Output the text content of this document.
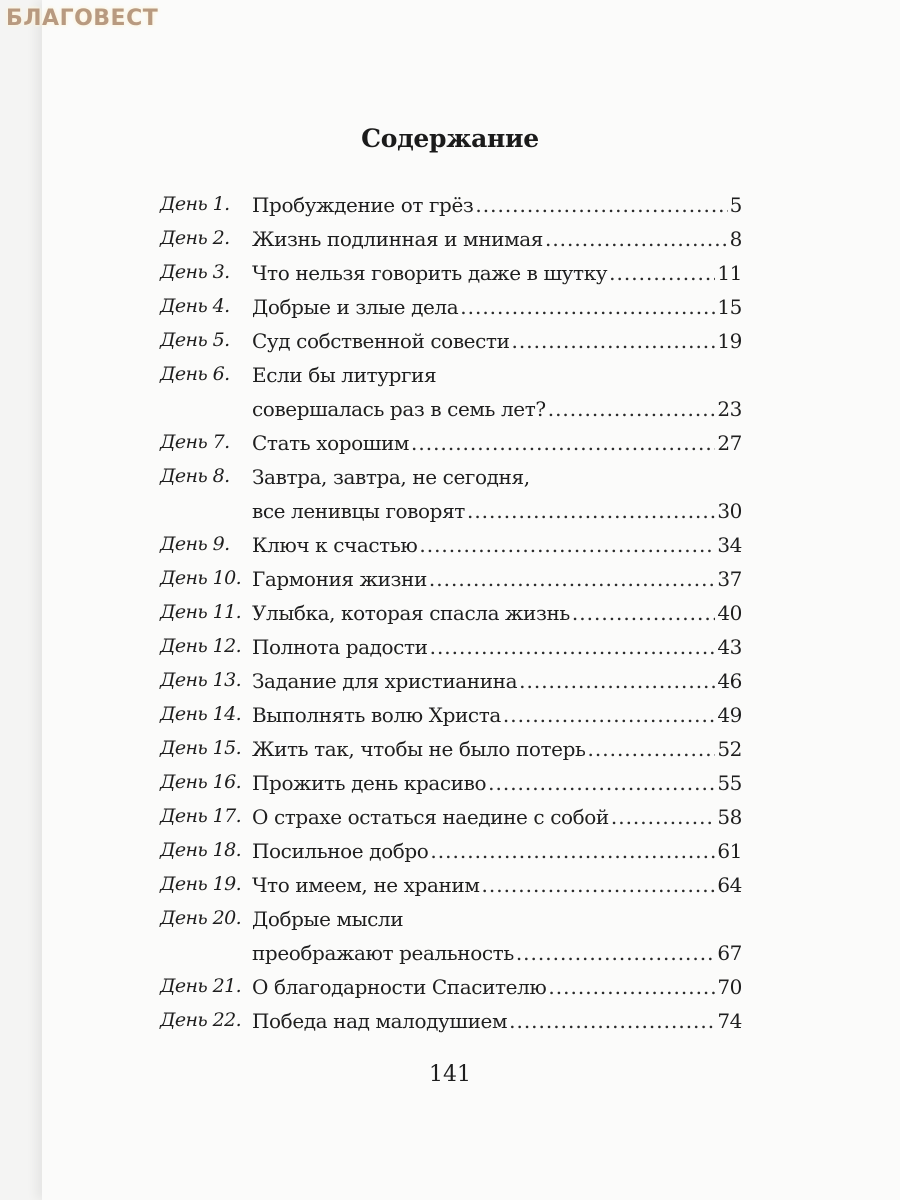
БЛАГОВЕСТ
Содержание
День 1. Пробуждение от грёз .....	5
День 2. Жизнь подлинная и мнимая .....	8
День 3. Что нельзя говорить даже в шутку .....	11
День 4. Добрые и злые дела .....	15
День 5. Суд собственной совести .....	19
День 6. Если бы литургия
совершалась раз в семь лет? .....	23
День 7. Стать хорошим .....	27
День 8. Завтра, завтра, не сегодня,
все ленивцы говорят .....	30
День 9. Ключ к счастью .....	34
День 10. Гармония жизни .....	37
День 11. Улыбка, которая спасла жизнь .....	40
День 12. Полнота радости .....	43
День 13. Задание для христианина .....	46
День 14. Выполнять волю Христа .....	49
День 15. Жить так, чтобы не было потерь .....	52
День 16. Прожить день красиво .....	55
День 17. О страхе остаться наедине с собой .....	58
День 18. Посильное добро .....	61
День 19. Что имеем, не храним .....	64
День 20. Добрые мысли
преображают реальность .....	67
День 21. О благодарности Спасителю .....	70
День 22. Победа над малодушием .....	74
141
